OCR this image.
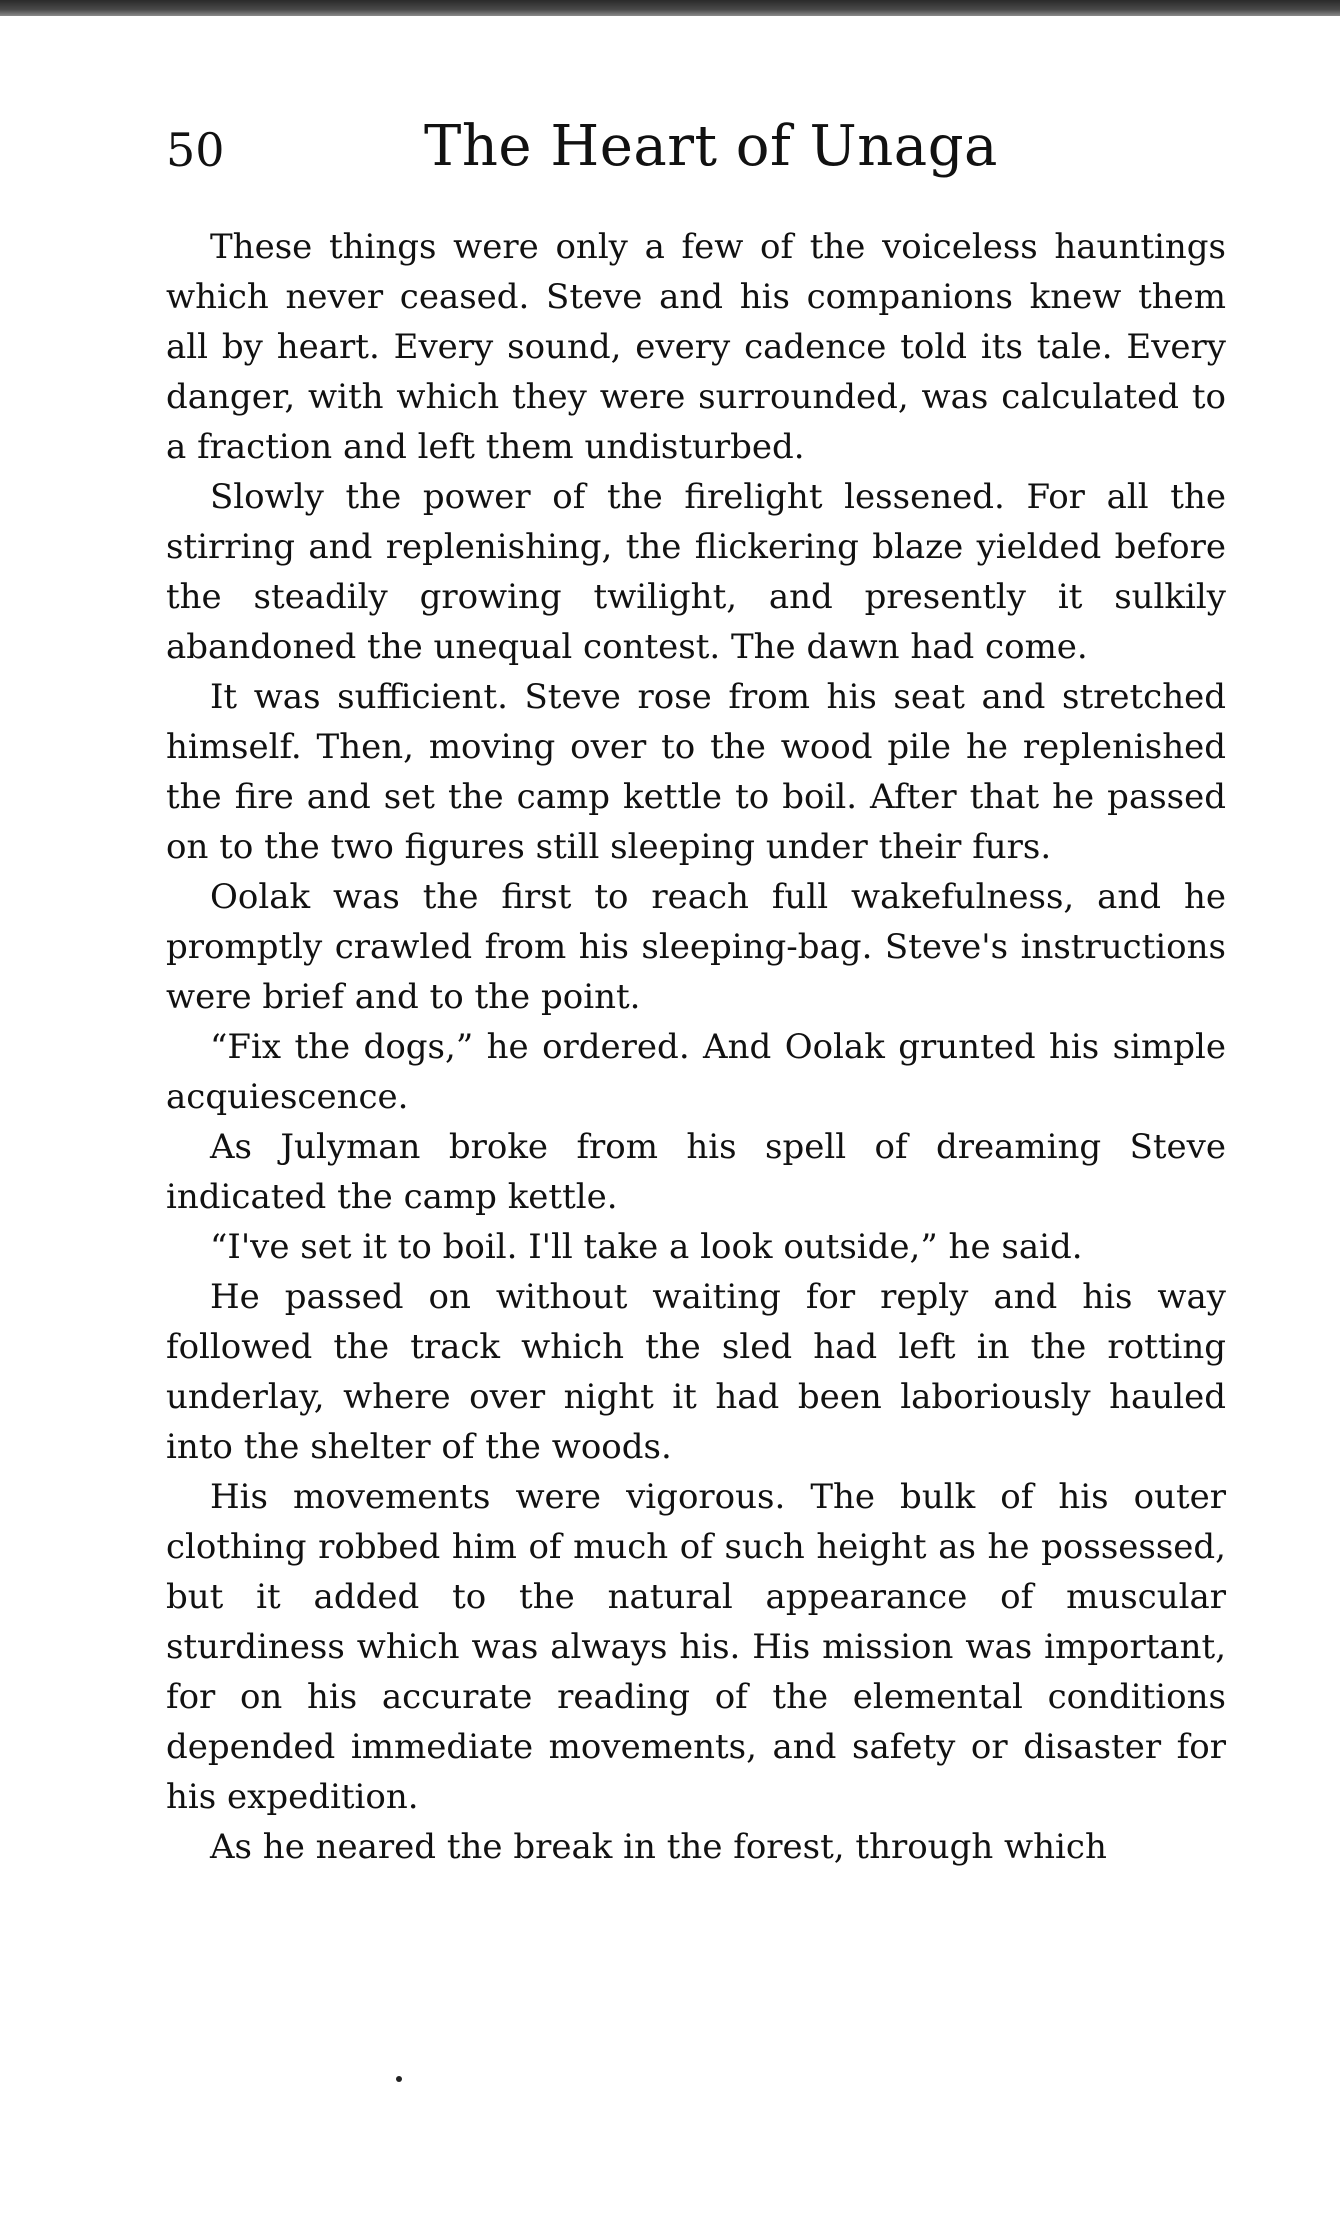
50	The Heart of Unaga

These things were only a few of the voiceless hauntings which never ceased. Steve and his companions knew them all by heart. Every sound, every cadence told its tale. Every danger, with which they were surrounded, was calculated to a fraction and left them undisturbed.

Slowly the power of the firelight lessened. For all the stirring and replenishing, the flickering blaze yielded before the steadily growing twilight, and presently it sulkily abandoned the unequal contest. The dawn had come.

It was sufficient. Steve rose from his seat and stretched himself. Then, moving over to the wood pile he replenished the fire and set the camp kettle to boil. After that he passed on to the two figures still sleeping under their furs.

Oolak was the first to reach full wakefulness, and he promptly crawled from his sleeping-bag. Steve's instructions were brief and to the point.

“Fix the dogs,” he ordered. And Oolak grunted his simple acquiescence.

As Julyman broke from his spell of dreaming Steve indicated the camp kettle.

“I've set it to boil. I'll take a look outside,” he said.

He passed on without waiting for reply and his way followed the track which the sled had left in the rotting underlay, where over night it had been laboriously hauled into the shelter of the woods.

His movements were vigorous. The bulk of his outer clothing robbed him of much of such height as he possessed, but it added to the natural appearance of muscular sturdiness which was always his. His mission was important, for on his accurate reading of the elemental conditions depended immediate movements, and safety or disaster for his expedition.

As he neared the break in the forest, through which
